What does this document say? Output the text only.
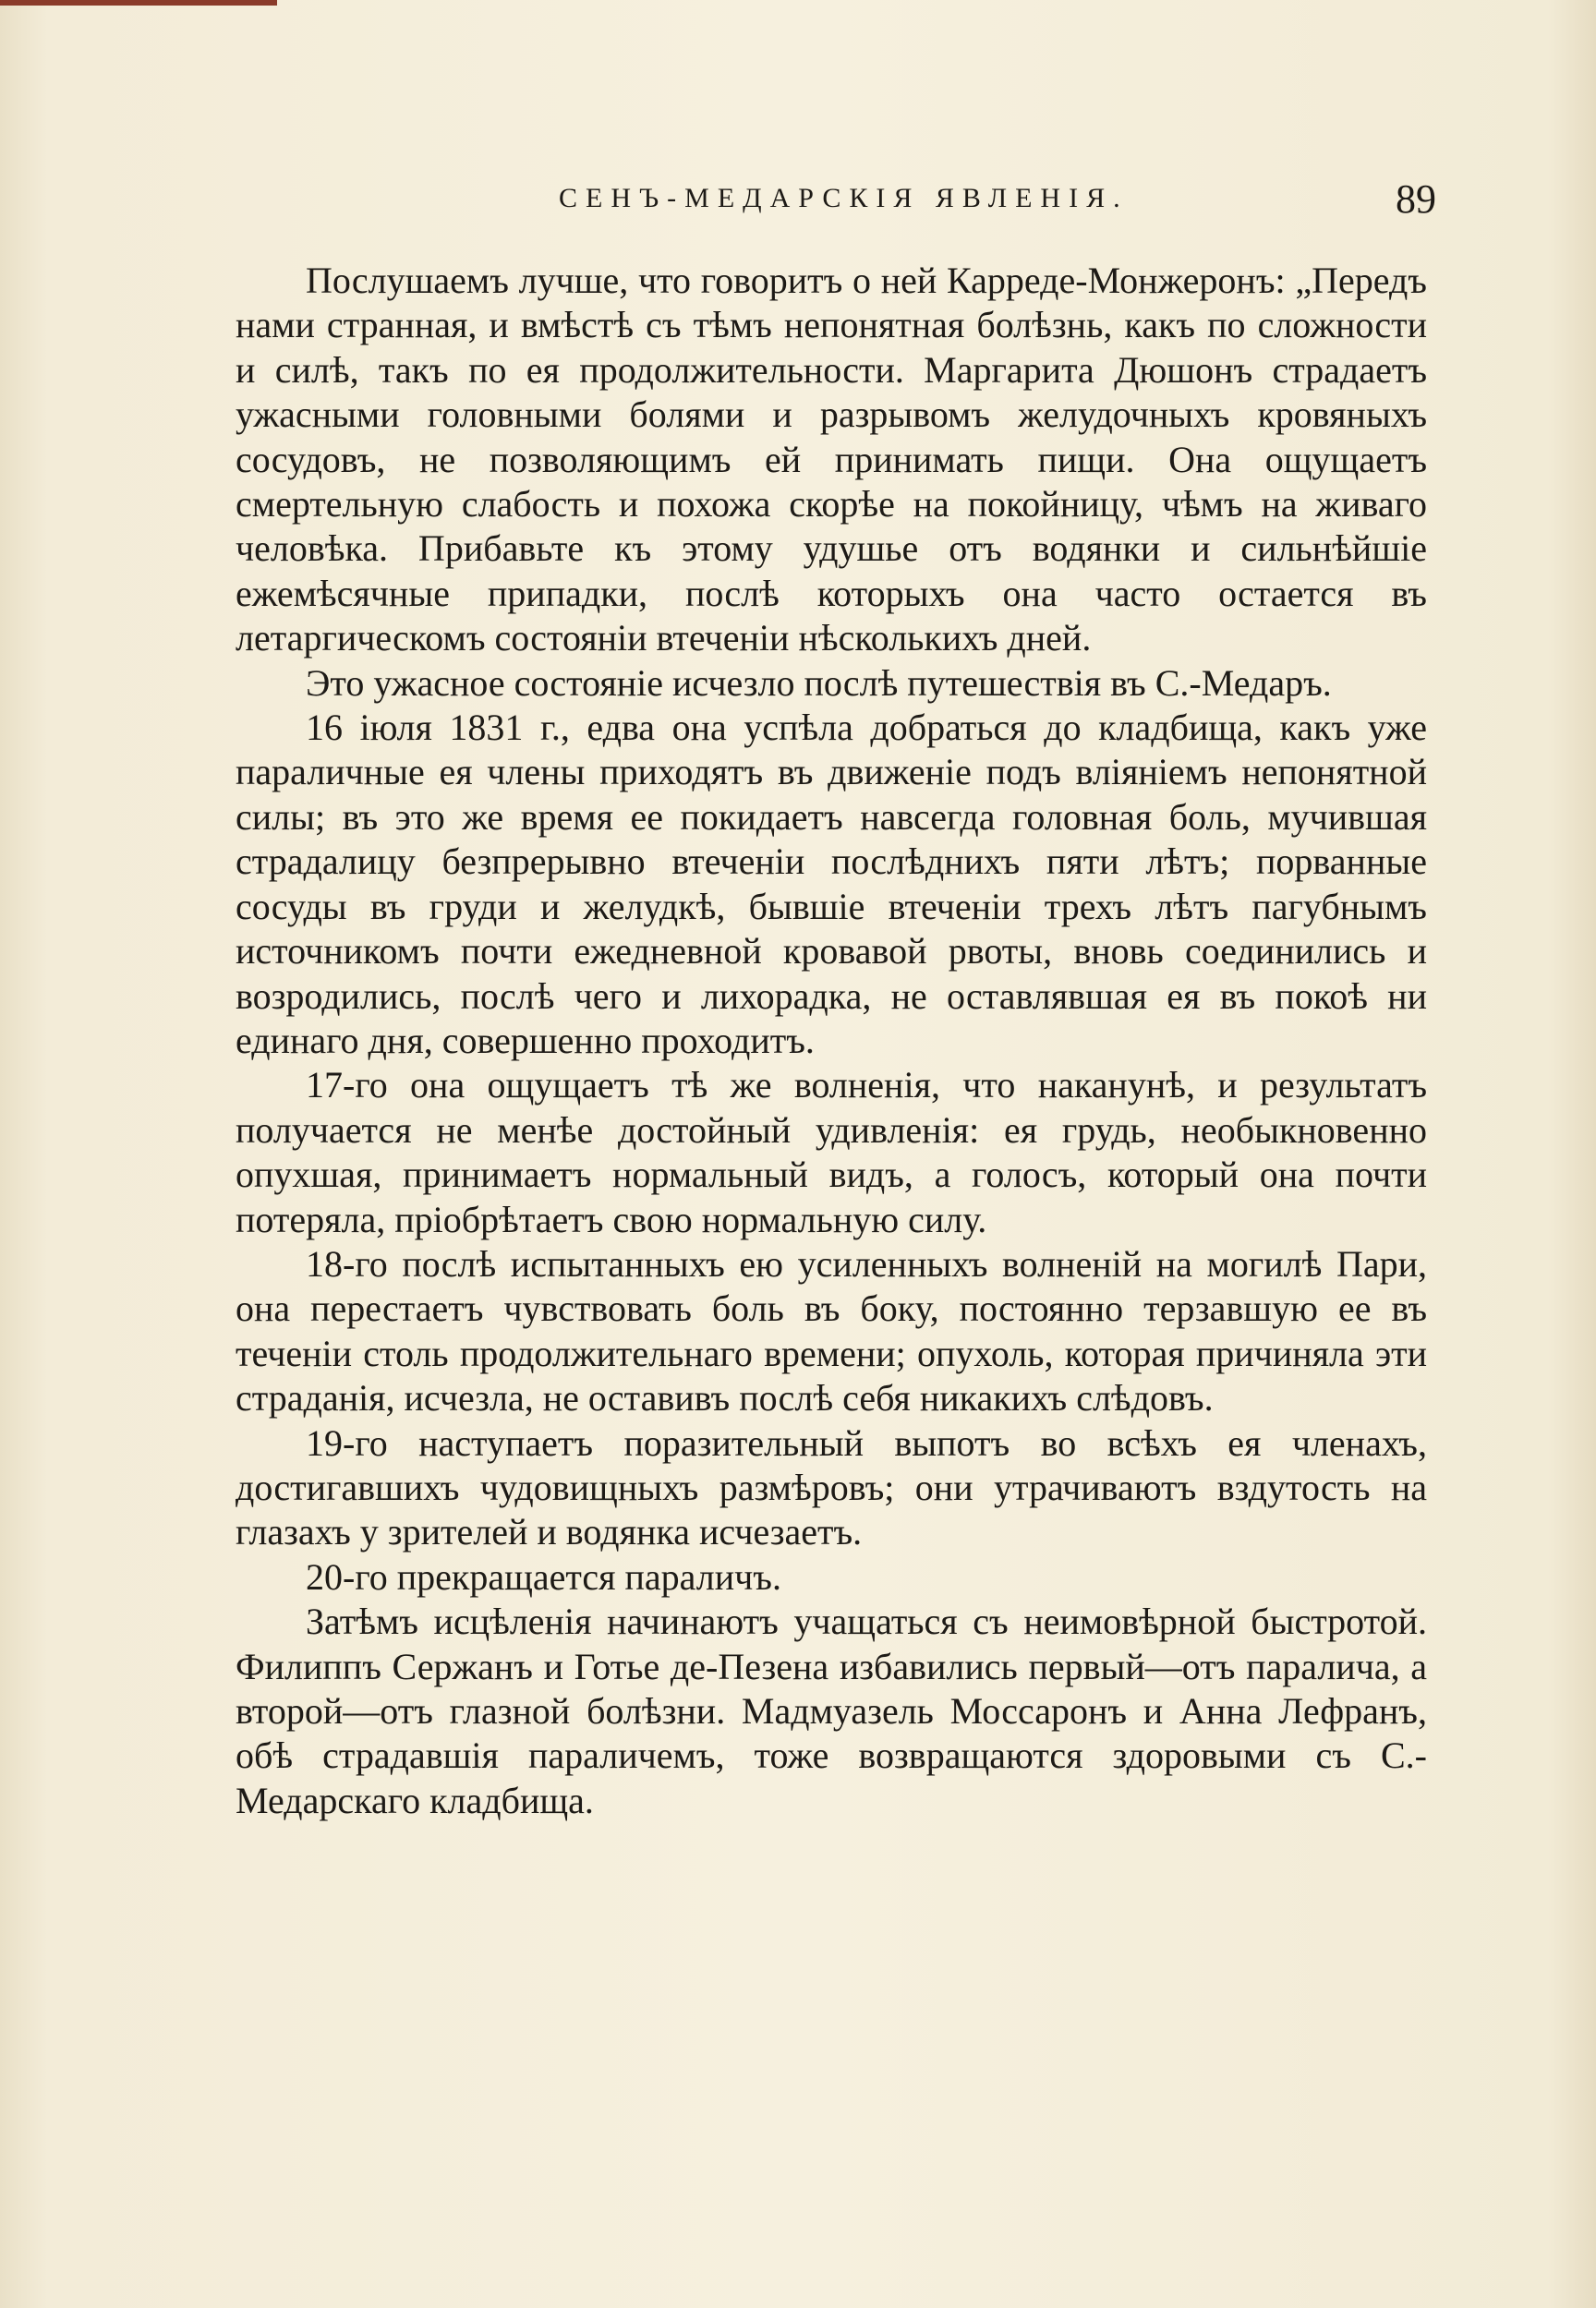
СЕНЪ-МЕДАРСКІЯ ЯВЛЕНІЯ.	89

Послушаемъ лучше, что говоритъ о ней Карреде-Монжеронъ: „Передъ нами странная, и вмѣстѣ съ тѣмъ непонятная болѣзнь, какъ по сложности и силѣ, такъ по ея продолжительности. Маргарита Дюшонъ страдаетъ ужасными головными болями и разрывомъ желудочныхъ кровяныхъ сосудовъ, не позволяющимъ ей принимать пищи. Она ощущаетъ смертельную слабость и похожа скорѣе на покойницу, чѣмъ на живаго человѣка. Прибавьте къ этому удушье отъ водянки и сильнѣйшіе ежемѣсячные припадки, послѣ которыхъ она часто остается въ летаргическомъ состояніи втеченіи нѣсколькихъ дней.

Это ужасное состояніе исчезло послѣ путешествія въ С.-Медаръ.

16 іюля 1831 г., едва она успѣла добраться до кладбища, какъ уже параличные ея члены приходятъ въ движеніе подъ вліяніемъ непонятной силы; въ это же время ее покидаетъ навсегда головная боль, мучившая страдалицу безпрерывно втеченіи послѣднихъ пяти лѣтъ; порванные сосуды въ груди и желудкѣ, бывшіе втеченіи трехъ лѣтъ пагубнымъ источникомъ почти ежедневной кровавой рвоты, вновь соединились и возродились, послѣ чего и лихорадка, не оставлявшая ея въ покоѣ ни единаго дня, совершенно проходитъ.

17-го она ощущаетъ тѣ же волненія, что наканунѣ, и результатъ получается не менѣе достойный удивленія: ея грудь, необыкновенно опухшая, принимаетъ нормальный видъ, а голосъ, который она почти потеряла, пріобрѣтаетъ свою нормальную силу.

18-го послѣ испытанныхъ ею усиленныхъ волненій на могилѣ Пари, она перестаетъ чувствовать боль въ боку, постоянно терзавшую ее въ теченіи столь продолжительнаго времени; опухоль, которая причиняла эти страданія, исчезла, не оставивъ послѣ себя никакихъ слѣдовъ.

19-го наступаетъ поразительный выпотъ во всѣхъ ея членахъ, достигавшихъ чудовищныхъ размѣровъ; они утрачиваютъ вздутость на глазахъ у зрителей и водянка исчезаетъ.

20-го прекращается параличъ.

Затѣмъ исцѣленія начинаютъ учащаться съ неимовѣрной быстротой. Филиппъ Сержанъ и Готье де-Пезена избавились первый—отъ паралича, а второй—отъ глазной болѣзни. Мадмуазель Моссаронъ и Анна Лефранъ, обѣ страдавшія параличемъ, тоже возвращаются здоровыми съ С.-Медарскаго кладбища.
